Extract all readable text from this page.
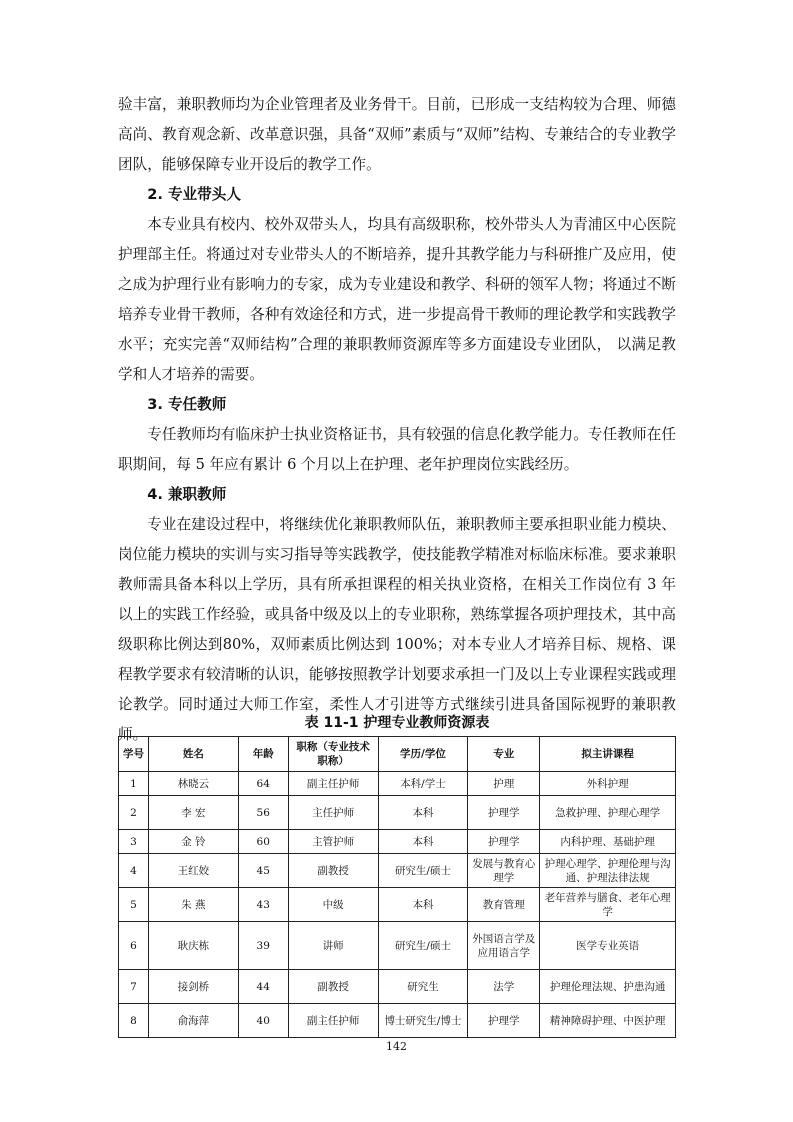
验丰富，兼职教师均为企业管理者及业务骨干。目前，已形成一支结构较为合理、师德高尚、教育观念新、改革意识强，具备“双师”素质与“双师”结构、专兼结合的专业教学团队，能够保障专业开设后的教学工作。

2. 专业带头人

本专业具有校内、校外双带头人，均具有高级职称，校外带头人为青浦区中心医院护理部主任。将通过对专业带头人的不断培养，提升其教学能力与科研推广及应用，使之成为护理行业有影响力的专家，成为专业建设和教学、科研的领军人物；将通过不断培养专业骨干教师，各种有效途径和方式，进一步提高骨干教师的理论教学和实践教学水平；充实完善“双师结构”合理的兼职教师资源库等多方面建设专业团队， 以满足教学和人才培养的需要。

3. 专任教师

专任教师均有临床护士执业资格证书，具有较强的信息化教学能力。专任教师在任职期间，每 5 年应有累计 6 个月以上在护理、老年护理岗位实践经历。

4. 兼职教师

专业在建设过程中，将继续优化兼职教师队伍，兼职教师主要承担职业能力模块、岗位能力模块的实训与实习指导等实践教学，使技能教学精准对标临床标准。要求兼职教师需具备本科以上学历，具有所承担课程的相关执业资格，在相关工作岗位有 3 年以上的实践工作经验，或具备中级及以上的专业职称，熟练掌握各项护理技术，其中高级职称比例达到80%，双师素质比例达到 100%；对本专业人才培养目标、规格、课程教学要求有较清晰的认识，能够按照教学计划要求承担一门及以上专业课程实践或理论教学。同时通过大师工作室，柔性人才引进等方式继续引进具备国际视野的兼职教师。

表 11-1 护理专业教师资源表
学号	姓名	年龄	职称（专业技术职称）	学历/学位	专业	拟主讲课程
1	林晓云	64	副主任护师	本科/学士	护理	外科护理
2	李 宏	56	主任护师	本科	护理学	急救护理、护理心理学
3	金 铃	60	主管护师	本科	护理学	内科护理、基础护理
4	王红姣	45	副教授	研究生/硕士	发展与教育心理学	护理心理学、护理伦理与沟通、护理法律法规
5	朱 燕	43	中级	本科	教育管理	老年营养与膳食、老年心理学
6	耿庆栋	39	讲师	研究生/硕士	外国语言学及应用语言学	医学专业英语
7	接剑桥	44	副教授	研究生	法学	护理伦理法规、护患沟通
8	俞海萍	40	副主任护师	博士研究生/博士	护理学	精神障碍护理、中医护理
142
